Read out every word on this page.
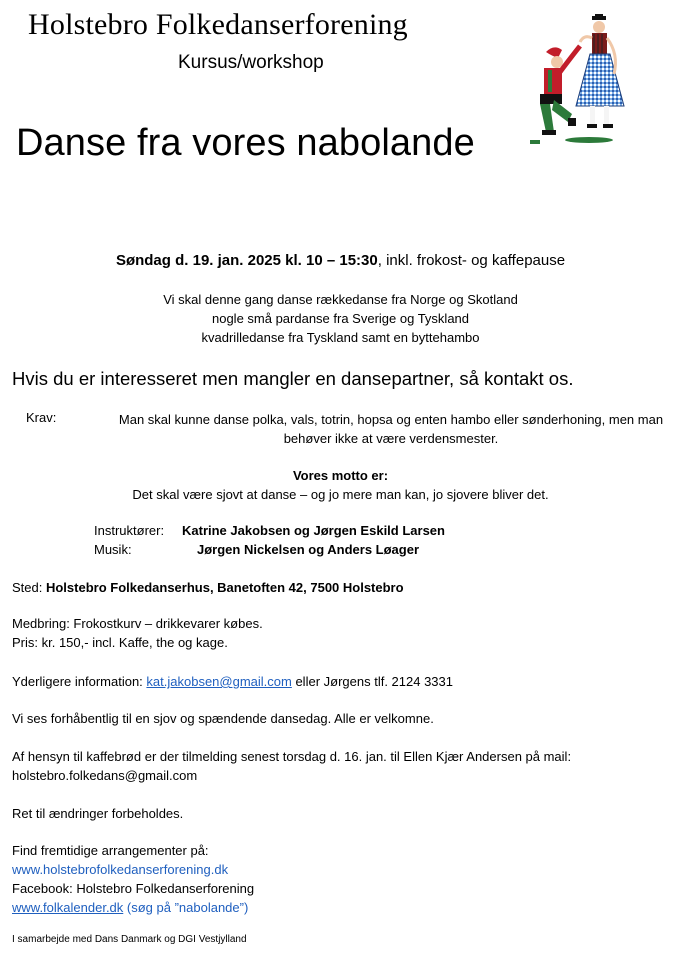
Holstebro Folkedanserforening
Kursus/workshop
Danse fra vores nabolande
Søndag d. 19. jan. 2025 kl. 10 – 15:30, inkl. frokost- og kaffepause
Vi skal denne gang danse rækkedanse fra Norge og Skotland
nogle små pardanse fra Sverige og Tyskland
kvadrilledanse fra Tyskland samt en byttehambo
Hvis du er interesseret men mangler en dansepartner, så kontakt os.
Krav:	Man skal kunne danse polka, vals, totrin, hopsa og enten hambo eller sønderhoning, men man behøver ikke at være verdensmester.
Vores motto er:
Det skal være sjovt at danse – og jo mere man kan, jo sjovere bliver det.
Instruktører: Katrine Jakobsen og Jørgen Eskild Larsen
Musik:	Jørgen Nickelsen og Anders Løager
Sted: Holstebro Folkedanserhus, Banetoften 42, 7500 Holstebro
Medbring: Frokostkurv – drikkevarer købes.
Pris: kr. 150,- incl. Kaffe, the og kage.
Yderligere information: kat.jakobsen@gmail.com eller Jørgens tlf. 2124 3331
Vi ses forhåbentlig til en sjov og spændende dansedag. Alle er velkomne.
Af hensyn til kaffebrød er der tilmelding senest torsdag d. 16. jan. til Ellen Kjær Andersen på mail:
holstebro.folkedans@gmail.com
Ret til ændringer forbeholdes.
Find fremtidige arrangementer på:
www.holstebrofolkedanserforening.dk
Facebook: Holstebro Folkedanserforening
www.folkalender.dk (søg på ”nabolande”)
I samarbejde med Dans Danmark og DGI Vestjylland
